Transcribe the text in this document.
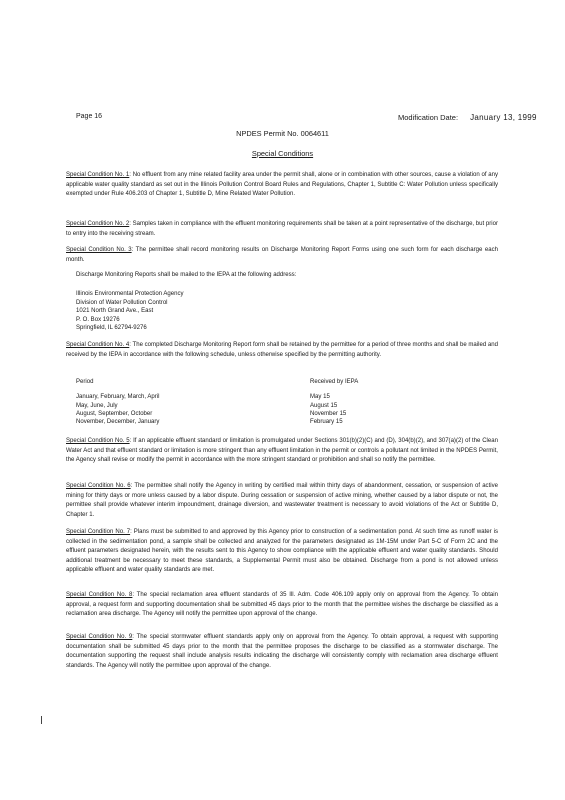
Page 16	Modification Date: January 13, 1999
NPDES Permit No. 0064611
Special Conditions
Special Condition No. 1: No effluent from any mine related facility area under the permit shall, alone or in combination with other sources, cause a violation of any applicable water quality standard as set out in the Illinois Pollution Control Board Rules and Regulations, Chapter 1, Subtitle C: Water Pollution unless specifically exempted under Rule 406.203 of Chapter 1, Subtitle D, Mine Related Water Pollution.
Special Condition No. 2: Samples taken in compliance with the effluent monitoring requirements shall be taken at a point representative of the discharge, but prior to entry into the receiving stream.
Special Condition No. 3: The permittee shall record monitoring results on Discharge Monitoring Report Forms using one such form for each discharge each month.
Discharge Monitoring Reports shall be mailed to the IEPA at the following address:
Illinois Environmental Protection Agency
Division of Water Pollution Control
1021 North Grand Ave., East
P. O. Box 19276
Springfield, IL 62794-9276
Special Condition No. 4: The completed Discharge Monitoring Report form shall be retained by the permittee for a period of three months and shall be mailed and received by the IEPA in accordance with the following schedule, unless otherwise specified by the permitting authority.
Period	Received by IEPA
January, February, March, April	May 15
May, June, July	August 15
August, September, October	November 15
November, December, January	February 15
Special Condition No. 5: If an applicable effluent standard or limitation is promulgated under Sections 301(b)(2)(C) and (D), 304(b)(2), and 307(a)(2) of the Clean Water Act and that effluent standard or limitation is more stringent than any effluent limitation in the permit or controls a pollutant not limited in the NPDES Permit, the Agency shall revise or modify the permit in accordance with the more stringent standard or prohibition and shall so notify the permittee.
Special Condition No. 6: The permittee shall notify the Agency in writing by certified mail within thirty days of abandonment, cessation, or suspension of active mining for thirty days or more unless caused by a labor dispute. During cessation or suspension of active mining, whether caused by a labor dispute or not, the permittee shall provide whatever interim impoundment, drainage diversion, and wastewater treatment is necessary to avoid violations of the Act or Subtitle D, Chapter 1.
Special Condition No. 7: Plans must be submitted to and approved by this Agency prior to construction of a sedimentation pond. At such time as runoff water is collected in the sedimentation pond, a sample shall be collected and analyzed for the parameters designated as 1M-15M under Part 5-C of Form 2C and the effluent parameters designated herein, with the results sent to this Agency to show compliance with the applicable effluent and water quality standards. Should additional treatment be necessary to meet these standards, a Supplemental Permit must also be obtained. Discharge from a pond is not allowed unless applicable effluent and water quality standards are met.
Special Condition No. 8: The special reclamation area effluent standards of 35 Ill. Adm. Code 406.109 apply only on approval from the Agency. To obtain approval, a request form and supporting documentation shall be submitted 45 days prior to the month that the permittee wishes the discharge be classified as a reclamation area discharge. The Agency will notify the permittee upon approval of the change.
Special Condition No. 9: The special stormwater effluent standards apply only on approval from the Agency. To obtain approval, a request with supporting documentation shall be submitted 45 days prior to the month that the permittee proposes the discharge to be classified as a stormwater discharge. The documentation supporting the request shall include analysis results indicating the discharge will consistently comply with reclamation area discharge effluent standards. The Agency will notify the permittee upon approval of the change.
